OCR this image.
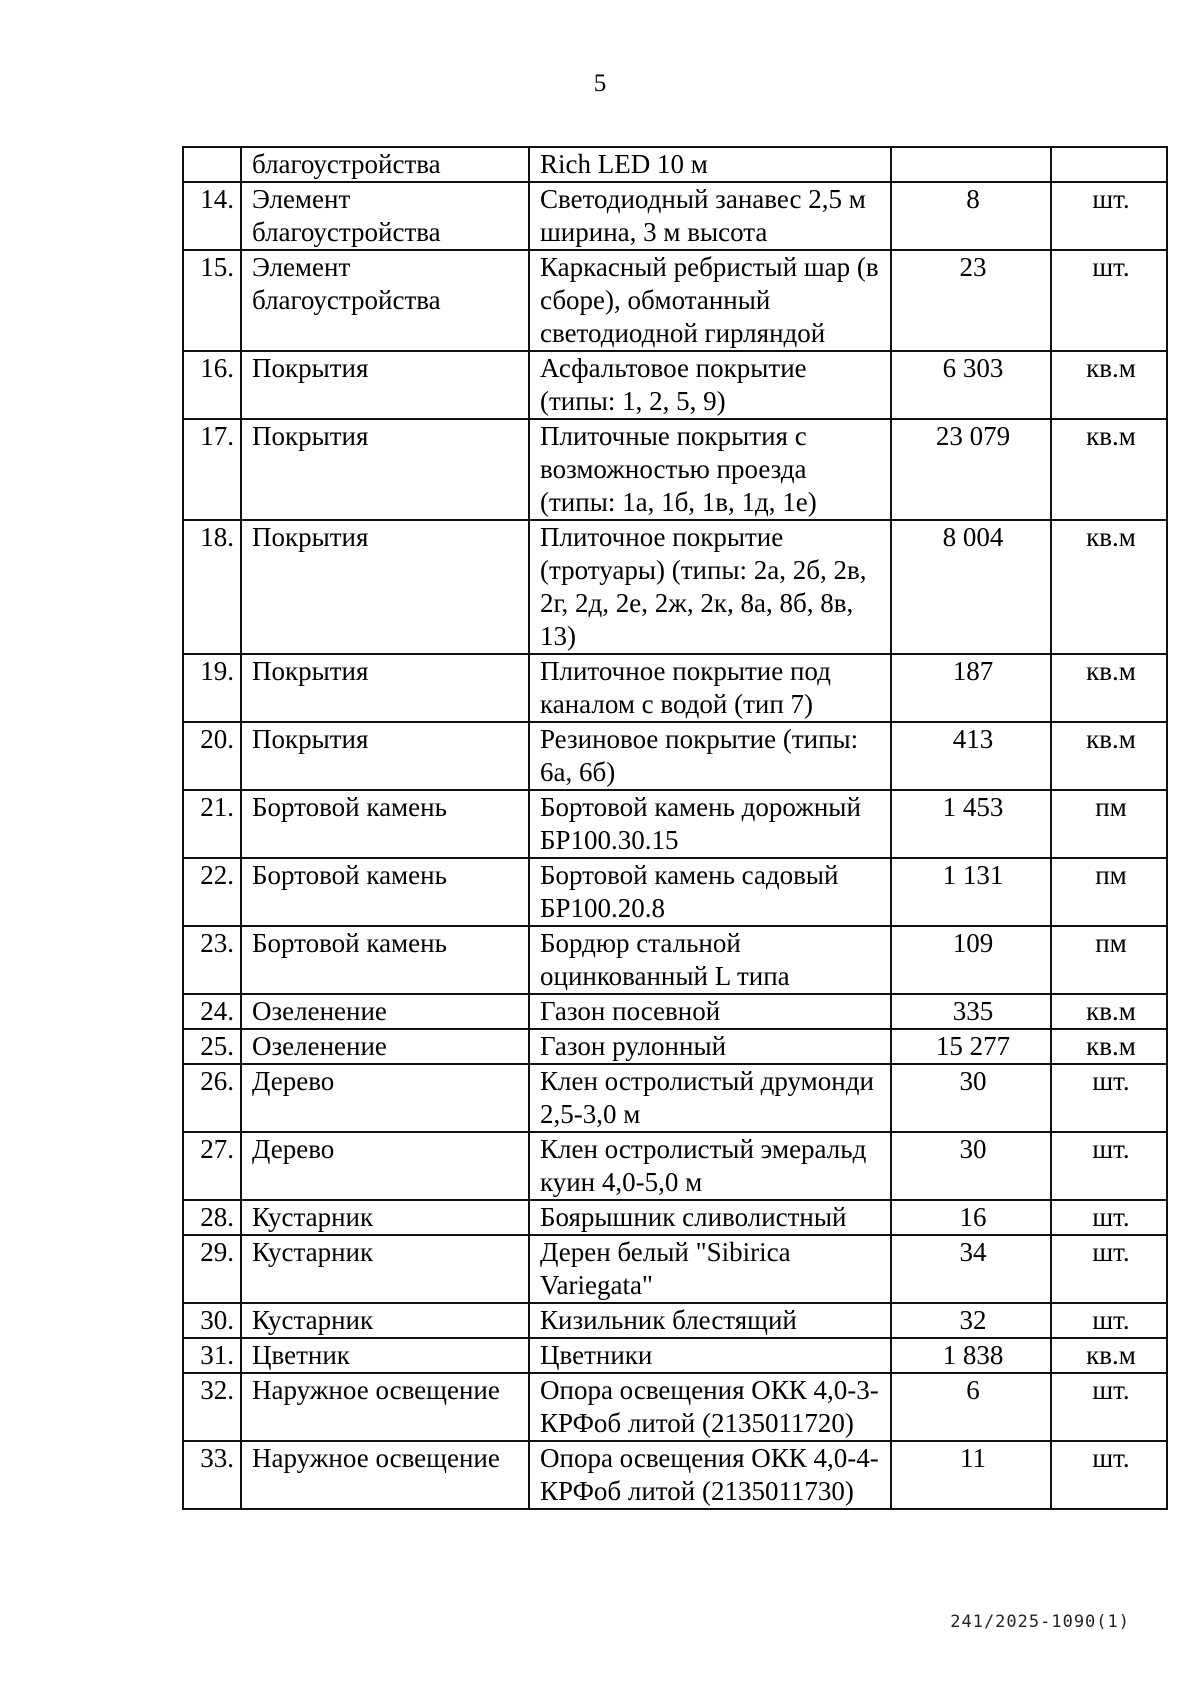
5
	благоустройства	Rich LED 10 м		
14.	Элемент благоустройства	Светодиодный занавес 2,5 м ширина, 3 м высота	8	шт.
15.	Элемент благоустройства	Каркасный ребристый шар (в сборе), обмотанный светодиодной гирляндой	23	шт.
16.	Покрытия	Асфальтовое покрытие (типы: 1, 2, 5, 9)	6 303	кв.м
17.	Покрытия	Плиточные покрытия с возможностью проезда (типы: 1а, 1б, 1в, 1д, 1е)	23 079	кв.м
18.	Покрытия	Плиточное покрытие (тротуары) (типы: 2а, 2б, 2в, 2г, 2д, 2е, 2ж, 2к, 8а, 8б, 8в, 13)	8 004	кв.м
19.	Покрытия	Плиточное покрытие под каналом с водой (тип 7)	187	кв.м
20.	Покрытия	Резиновое покрытие (типы: 6а, 6б)	413	кв.м
21.	Бортовой камень	Бортовой камень дорожный БР100.30.15	1 453	пм
22.	Бортовой камень	Бортовой камень садовый БР100.20.8	1 131	пм
23.	Бортовой камень	Бордюр стальной оцинкованный L типа	109	пм
24.	Озеленение	Газон посевной	335	кв.м
25.	Озеленение	Газон рулонный	15 277	кв.м
26.	Дерево	Клен остролистый друмонди 2,5-3,0 м	30	шт.
27.	Дерево	Клен остролистый эмеральд куин 4,0-5,0 м	30	шт.
28.	Кустарник	Боярышник сливолистный	16	шт.
29.	Кустарник	Дерен белый "Sibirica Variegata"	34	шт.
30.	Кустарник	Кизильник блестящий	32	шт.
31.	Цветник	Цветники	1 838	кв.м
32.	Наружное освещение	Опора освещения ОКК 4,0-3-КРФоб литой (2135011720)	6	шт.
33.	Наружное освещение	Опора освещения ОКК 4,0-4-КРФоб литой (2135011730)	11	шт.
241/2025-1090(1)
